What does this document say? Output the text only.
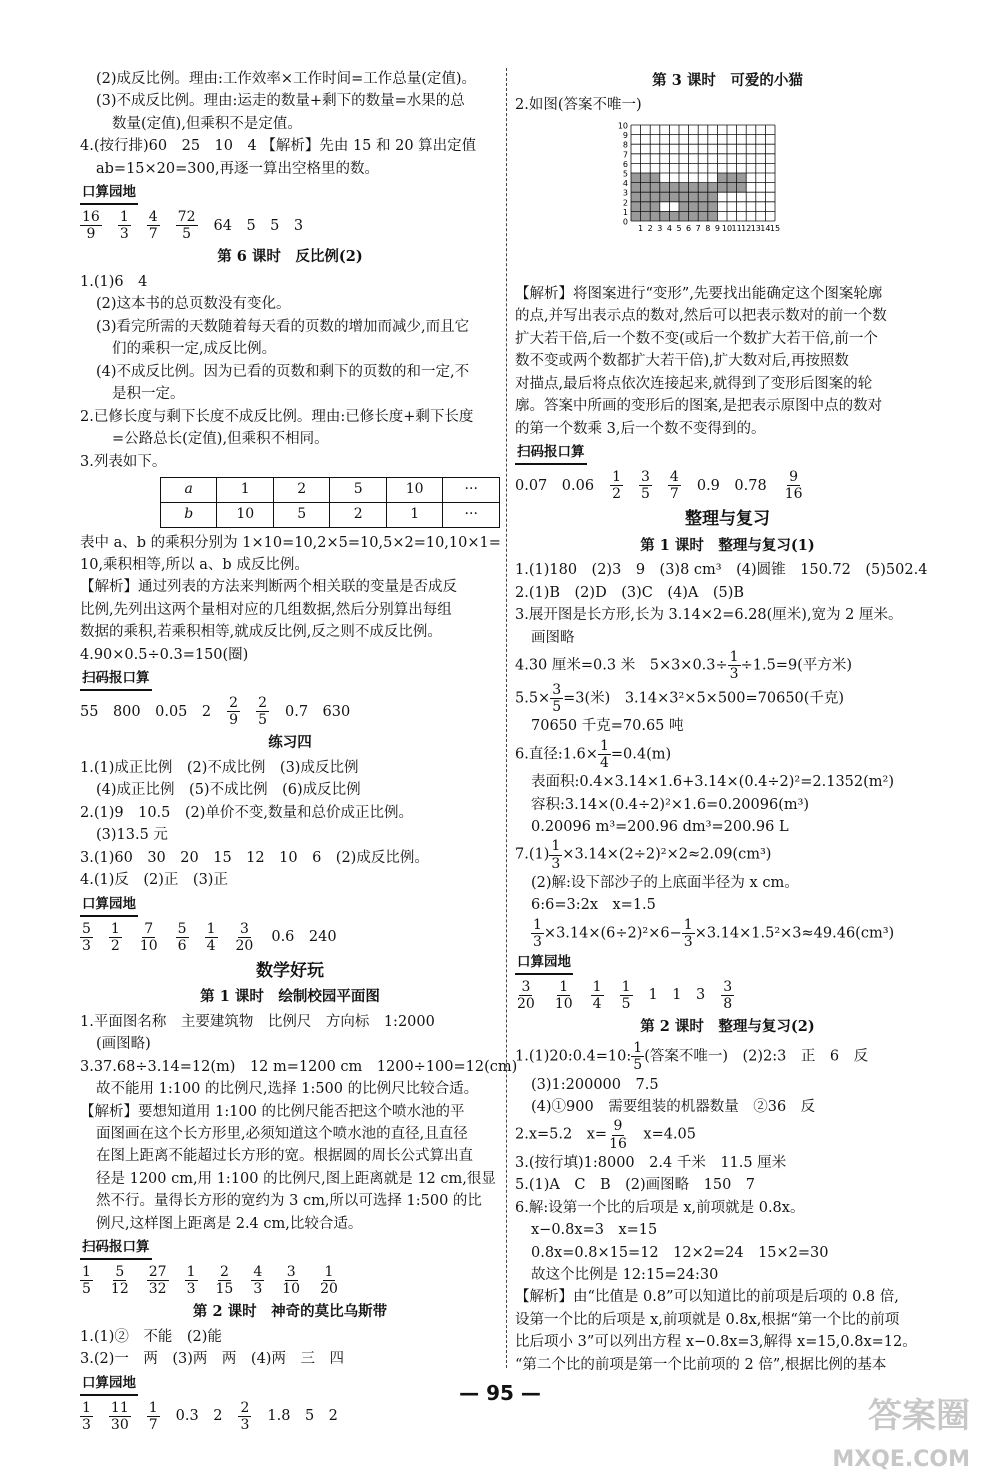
(2)成反比例。理由:工作效率×工作时间=工作总量(定值)。
(3)不成反比例。理由:运走的数量+剩下的数量=水果的总
数量(定值),但乘积不是定值。
4.(按行排)60　25　10　4 【解析】先由 15 和 20 算出定值
ab=15×20=300,再逐一算出空格里的数。
口算园地
$\frac{16}{9} \frac{1}{3} \frac{4}{7} \frac{72}{5} 64$　5　5　3
第 6 课时　反比例(2)
1.(1)6　4
(2)这本书的总页数没有变化。
(3)看完所需的天数随着每天看的页数的增加而减少,而且它
们的乘积一定,成反比例。
(4)不成反比例。因为已看的页数和剩下的页数的和一定,不
是积一定。
2.已修长度与剩下长度不成反比例。理由:已修长度+剩下长度
=公路总长(定值),但乘积不相同。
3.列表如下。
a	1	2	5	10	···
b	10	5	2	1	···
表中 a、b 的乘积分别为 1×10=10,2×5=10,5×2=10,10×1=
10,乘积相等,所以 a、b 成反比例。
【解析】通过列表的方法来判断两个相关联的变量是否成反
比例,先列出这两个量相对应的几组数据,然后分别算出每组
数据的乘积,若乘积相等,就成反比例,反之则不成反比例。
4.90×0.5÷0.3=150(圈)
扫码报口算
55　800　0.05　$2 \frac{2}{9} \frac{2}{5} 0.7$　630
练习四
1.(1)成正比例　(2)不成比例　(3)成反比例
(4)成正比例　(5)不成比例　(6)成反比例
2.(1)9　10.5　(2)单价不变,数量和总价成正比例。
(3)13.5 元
3.(1)60　30　20　15　12　10　6　(2)成反比例。
4.(1)反　(2)正　(3)正
口算园地
$\frac{5}{3} \frac{1}{2} \frac{7}{10} \frac{5}{6} \frac{1}{4} \frac{3}{20} 0.6$　240
数学好玩
第 1 课时　绘制校园平面图
1.平面图名称　主要建筑物　比例尺　方向标　1:2000
(画图略)
3.37.68÷3.14=12(m)　12 m=1200 cm　1200÷100=12(cm)
故不能用 1:100 的比例尺,选择 1:500 的比例尺比较合适。
【解析】要想知道用 1:100 的比例尺能否把这个喷水池的平
面图画在这个长方形里,必须知道这个喷水池的直径,且直径
在图上距离不能超过长方形的宽。根据圆的周长公式算出直
径是 1200 cm,用 1:100 的比例尺,图上距离就是 12 cm,很显
然不行。量得长方形的宽约为 3 cm,所以可选择 1:500 的比
例尺,这样图上距离是 2.4 cm,比较合适。
扫码报口算
$\frac{1}{5} \frac{5}{12} \frac{27}{32} \frac{1}{3} \frac{2}{15} \frac{4}{3} \frac{3}{10} \frac{1}{20}$
第 2 课时　神奇的莫比乌斯带
1.(1)②　不能　(2)能
3.(2)一　两　(3)两　两　(4)两　三　四
口算园地
$\frac{1}{3} \frac{11}{30} \frac{1}{7} 0.3$　$2 \frac{2}{3} 1.8$　5　2
第 3 课时　可爱的小猫
2.如图(答案不唯一)
10
9
8
7
6
5
4
3
2
1
0
1 2 3 4 5 6 7 8 9 10 11 12 13 14 15
【解析】将图案进行“变形”,先要找出能确定这个图案轮廓
的点,并写出表示点的数对,然后可以把表示数对的前一个数
扩大若干倍,后一个数不变(或后一个数扩大若干倍,前一个
数不变或两个数都扩大若干倍),扩大数对后,再按照数
对描点,最后将点依次连接起来,就得到了变形后图案的轮
廓。答案中所画的变形后的图案,是把表示原图中点的数对
的第一个数乘 3,后一个数不变得到的。
扫码报口算
0.07　$0.06 \frac{1}{2} \frac{3}{5} \frac{4}{7} 0.9$　$0.78 \frac{9}{16}$
整理与复习
第 1 课时　整理与复习(1)
1.(1)180　(2)3　9　(3)8 cm³　(4)圆锥　150.72　(5)502.4
2.(1)B　(2)D　(3)C　(4)A　(5)B
3.展开图是长方形,长为 3.14×2=6.28(厘米),宽为 2 厘米。
画图略
4.30 厘米=0.3 米　$5\times 3\times 0.3\div \frac{1}{3} \div 1.5=9$(平方米)
$5.5\times \frac{3}{5} =3$(米)　3.14×3²×5×500=70650(千克)
70650 千克=70.65 吨
6.直径:1.6× $\frac{1}{4} =0.4(m)$
表面积:0.4×3.14×1.6+3.14×(0.4÷2)²=2.1352(m²)
容积:3.14×(0.4÷2)²×1.6=0.20096(m³)
0.20096 m³=200.96 dm³=200.96 L
$7.(1) \frac{1}{3} \times 3.14\times(2\div 2)^2\times 2\approx 2.09(cm^3)$
(2)解:设下部沙子的上底面半径为 x cm。
6:6=3:2x　x=1.5
$\frac{1}{3} \times 3.14\times(6\div 2)^2\times 6- \frac{1}{3} \times 3.14\times 1.5^2\times 3\approx 49.46(cm^3)$
口算园地
$\frac{3}{20} \frac{1}{10} \frac{1}{4} \frac{1}{5} 1$　1　$3 \frac{3}{8}$
第 2 课时　整理与复习(2)
1.(1)20:0.4=10: $\frac{1}{5}$ (答案不唯一)　(2)2:3　正　6　反
(3)1:200000　7.5
(4)①900　需要组装的机器数量　②36　反
2.x=5.2　$x= \frac{9}{16}$ 　x=4.05
3.(按行填)1:8000　2.4 千米　11.5 厘米
5.(1)A　C　B　(2)画图略　150　7
6.解:设第一个比的后项是 x,前项就是 0.8x。
x−0.8x=3　x=15
0.8x=0.8×15=12　12×2=24　15×2=30
故这个比例是 12:15=24:30
【解析】由“比值是 0.8”可以知道比的前项是后项的 0.8 倍,
设第一个比的后项是 x,前项就是 0.8x,根据“第一个比的前项
比后项小 3”可以列出方程 x−0.8x=3,解得 x=15,0.8x=12。
“第二个比的前项是第一个比前项的 2 倍”,根据比例的基本
— 95 —
答案圈
MXQE.COM
